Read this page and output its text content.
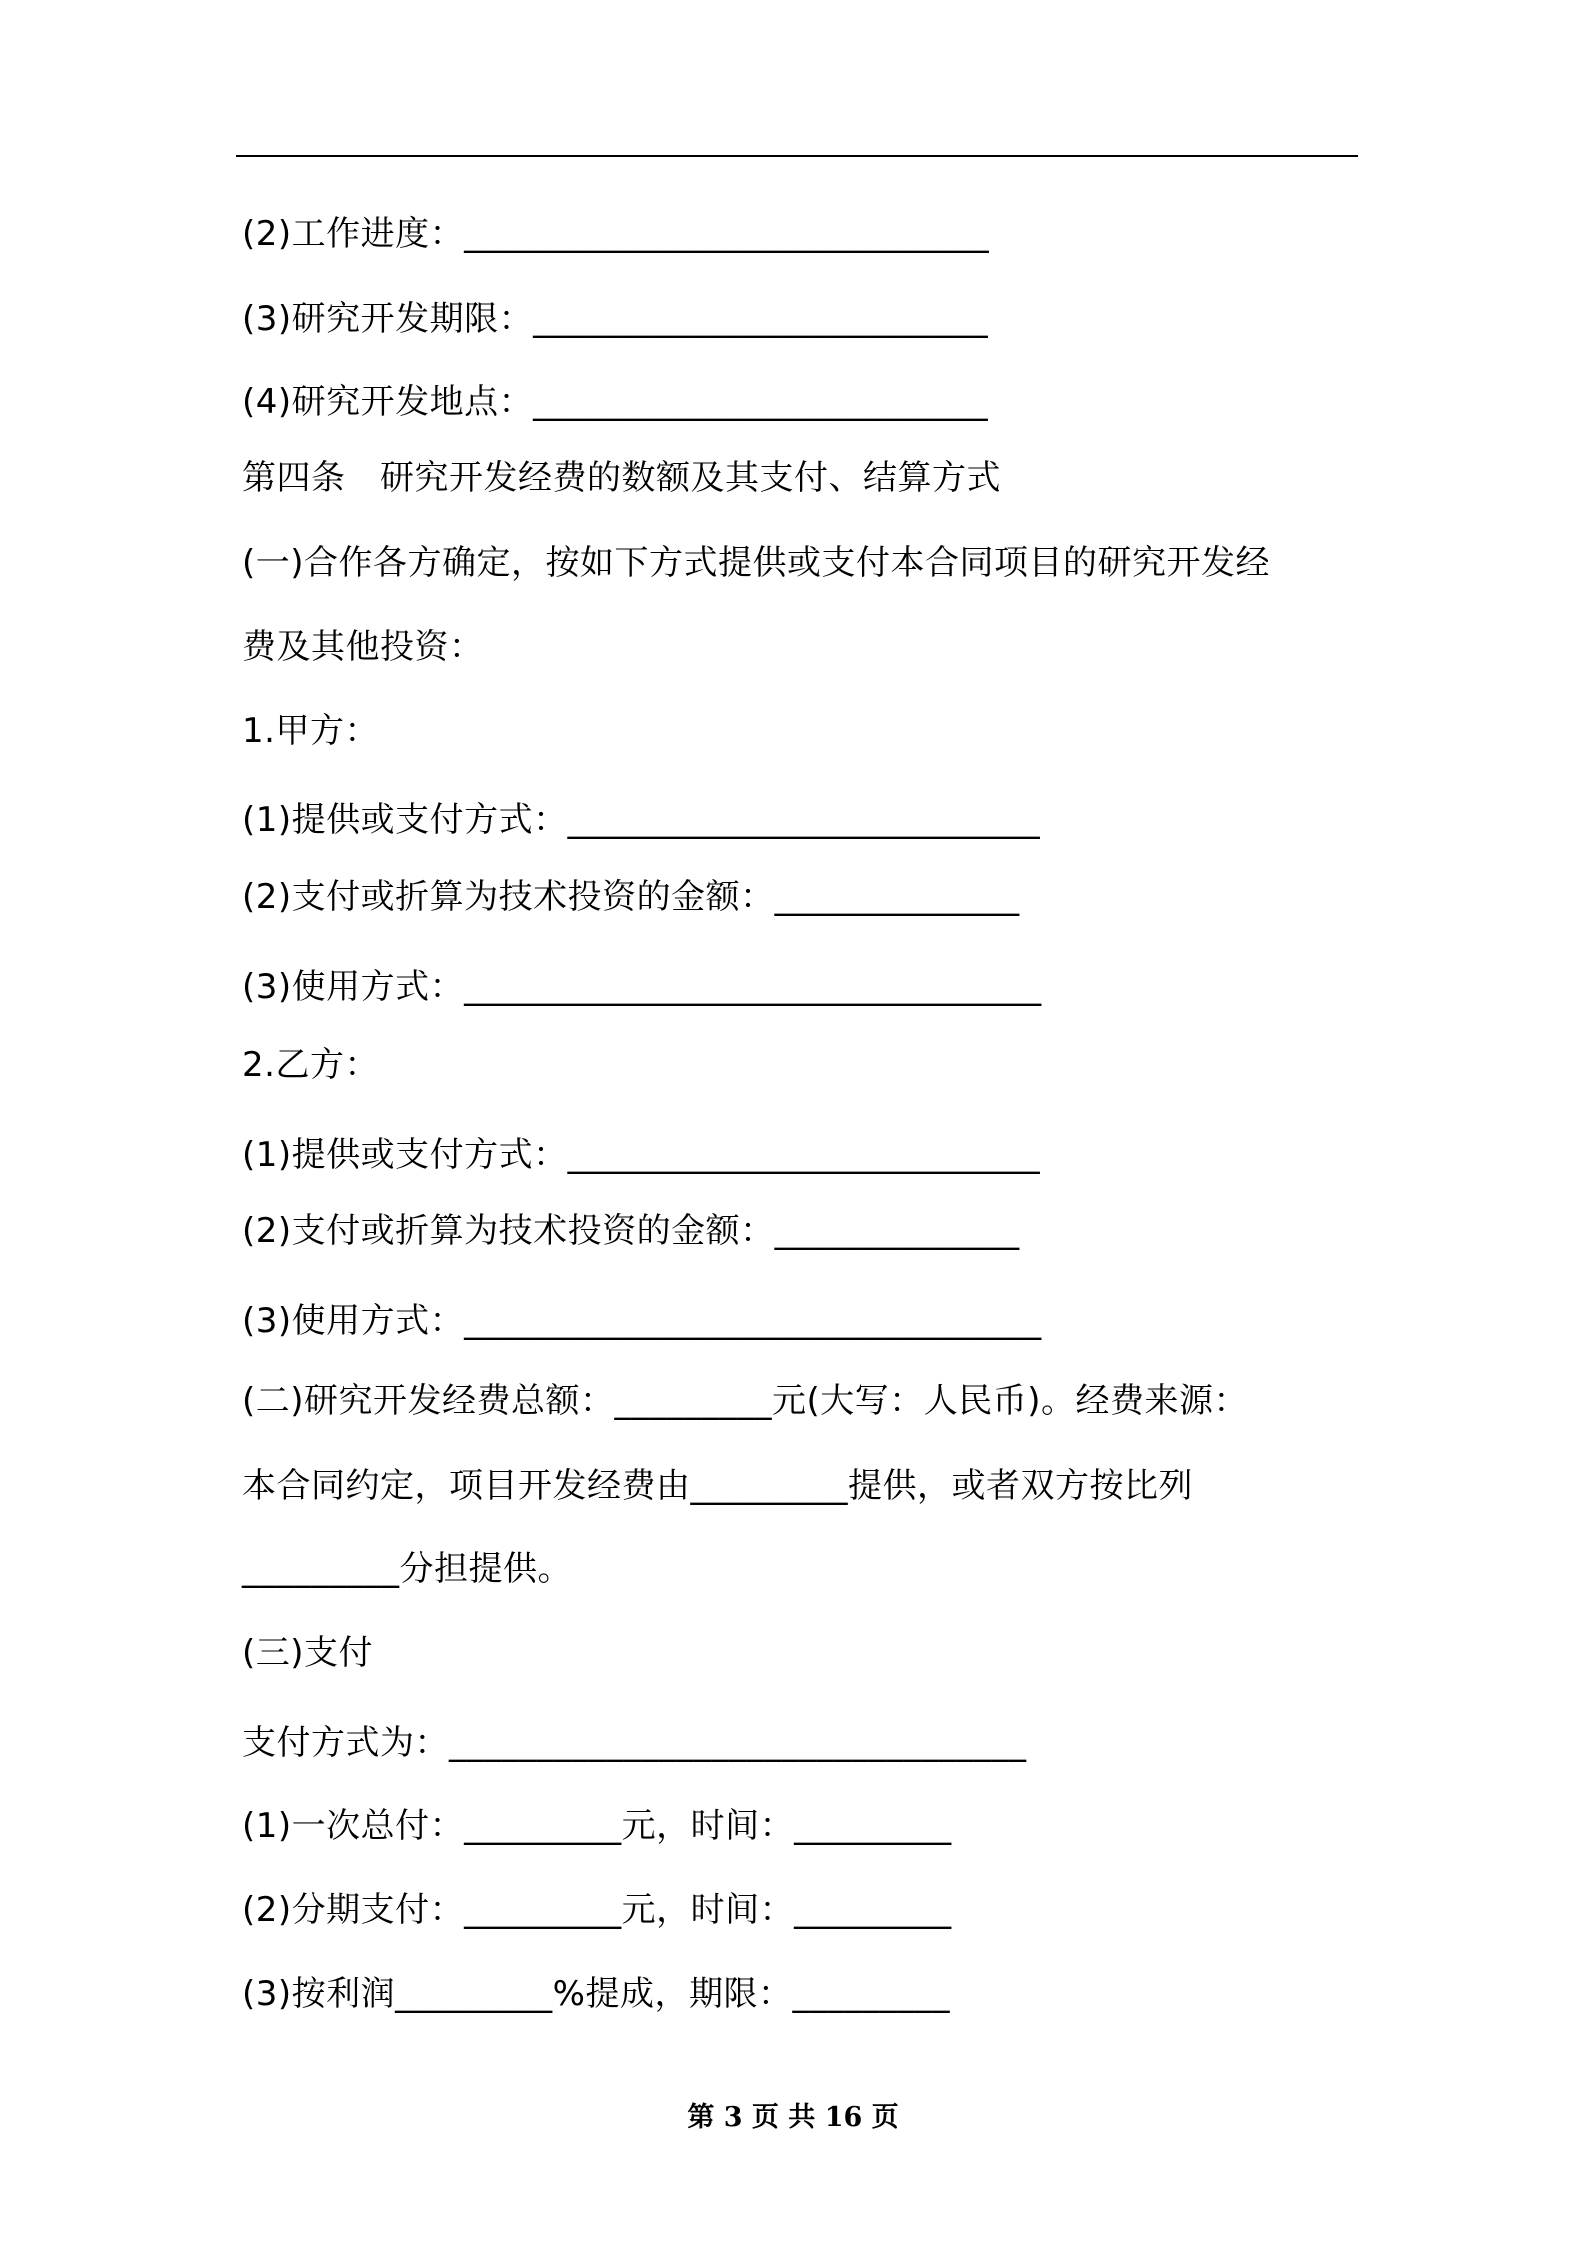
(2)工作进度：______________________________
(3)研究开发期限：__________________________
(4)研究开发地点：__________________________
第四条　研究开发经费的数额及其支付、结算方式
(一)合作各方确定，按如下方式提供或支付本合同项目的研究开发经
费及其他投资：
1.甲方：
(1)提供或支付方式：___________________________
(2)支付或折算为技术投资的金额：______________
(3)使用方式：_________________________________
2.乙方：
(1)提供或支付方式：___________________________
(2)支付或折算为技术投资的金额：______________
(3)使用方式：_________________________________
(二)研究开发经费总额：_________元(大写：人民币)。经费来源：
本合同约定，项目开发经费由_________提供，或者双方按比列
_________分担提供。
(三)支付
支付方式为：_________________________________
(1)一次总付：_________元，时间：_________
(2)分期支付：_________元，时间：_________
(3)按利润_________%提成，期限：_________
第 3 页 共 16 页
